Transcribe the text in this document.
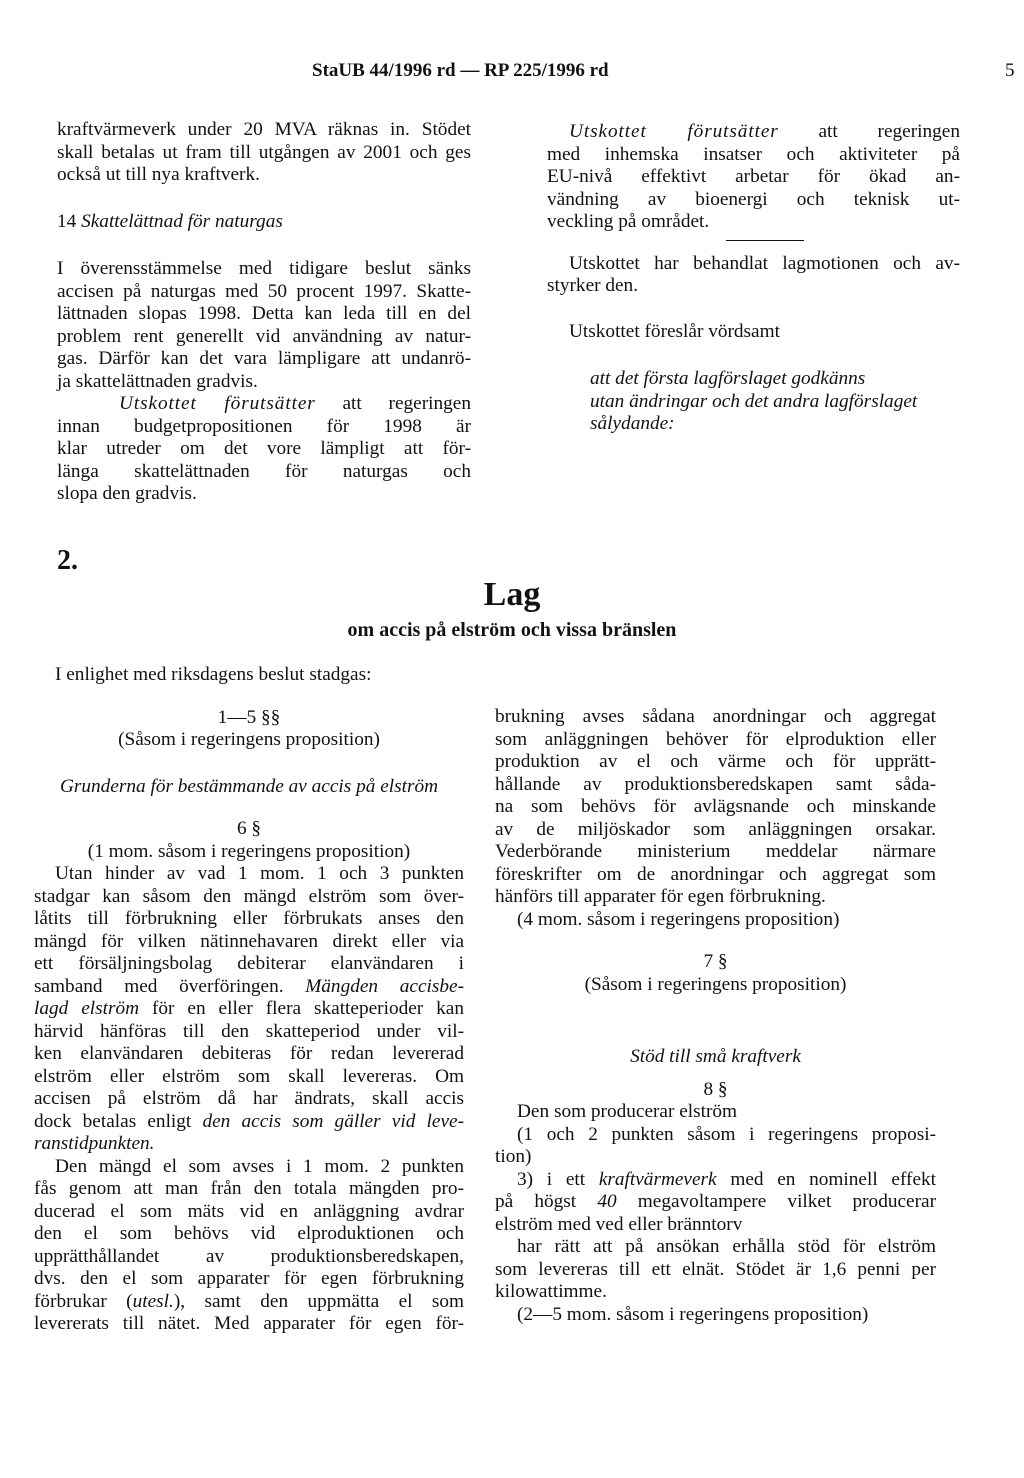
StaUB 44/1996 rd — RP 225/1996 rd	5
kraftvärmeverk under 20 MVA räknas in. Stödet
skall betalas ut fram till utgången av 2001 och ges
också ut till nya kraftverk.
14 Skattelättnad för naturgas
I överensstämmelse med tidigare beslut sänks
accisen på naturgas med 50 procent 1997. Skatte-
lättnaden slopas 1998. Detta kan leda till en del
problem rent generellt vid användning av natur-
gas. Därför kan det vara lämpligare att undanrö-
ja skattelättnaden gradvis.
Utskottet förutsätter att regeringen
innan budgetpropositionen för 1998 är
klar utreder om det vore lämpligt att för-
länga skattelättnaden för naturgas och
slopa den gradvis.
Utskottet förutsätter att regeringen
med inhemska insatser och aktiviteter på
EU-nivå effektivt arbetar för ökad an-
vändning av bioenergi och teknisk ut-
veckling på området.
Utskottet har behandlat lagmotionen och av-
styrker den.
Utskottet föreslår vördsamt
att det första lagförslaget godkänns
utan ändringar och det andra lagförslaget
sålydande:
2.
Lag
om accis på elström och vissa bränslen
I enlighet med riksdagens beslut stadgas:
1—5 §§
(Såsom i regeringens proposition)
Grunderna för bestämmande av accis på elström
6 §
(1 mom. såsom i regeringens proposition)
Utan hinder av vad 1 mom. 1 och 3 punkten
stadgar kan såsom den mängd elström som över-
låtits till förbrukning eller förbrukats anses den
mängd för vilken nätinnehavaren direkt eller via
ett försäljningsbolag debiterar elanvändaren i
samband med överföringen. Mängden accisbe-
lagd elström för en eller flera skatteperioder kan
härvid hänföras till den skatteperiod under vil-
ken elanvändaren debiteras för redan levererad
elström eller elström som skall levereras. Om
accisen på elström då har ändrats, skall accis
dock betalas enligt den accis som gäller vid leve-
ranstidpunkten.
Den mängd el som avses i 1 mom. 2 punkten
fås genom att man från den totala mängden pro-
ducerad el som mäts vid en anläggning avdrar
den el som behövs vid elproduktionen och
upprätthållandet av produktionsberedskapen,
dvs. den el som apparater för egen förbrukning
förbrukar (utesl.), samt den uppmätta el som
levererats till nätet. Med apparater för egen för-
brukning avses sådana anordningar och aggregat
som anläggningen behöver för elproduktion eller
produktion av el och värme och för upprätt-
hållande av produktionsberedskapen samt såda-
na som behövs för avlägsnande och minskande
av de miljöskador som anläggningen orsakar.
Vederbörande ministerium meddelar närmare
föreskrifter om de anordningar och aggregat som
hänförs till apparater för egen förbrukning.
(4 mom. såsom i regeringens proposition)
7 §
(Såsom i regeringens proposition)
Stöd till små kraftverk
8 §
Den som producerar elström
(1 och 2 punkten såsom i regeringens proposi-
tion)
3) i ett kraftvärmeverk med en nominell effekt
på högst 40 megavoltampere vilket producerar
elström med ved eller bränntorv
har rätt att på ansökan erhålla stöd för elström
som levereras till ett elnät. Stödet är 1,6 penni per
kilowattimme.
(2—5 mom. såsom i regeringens proposition)
